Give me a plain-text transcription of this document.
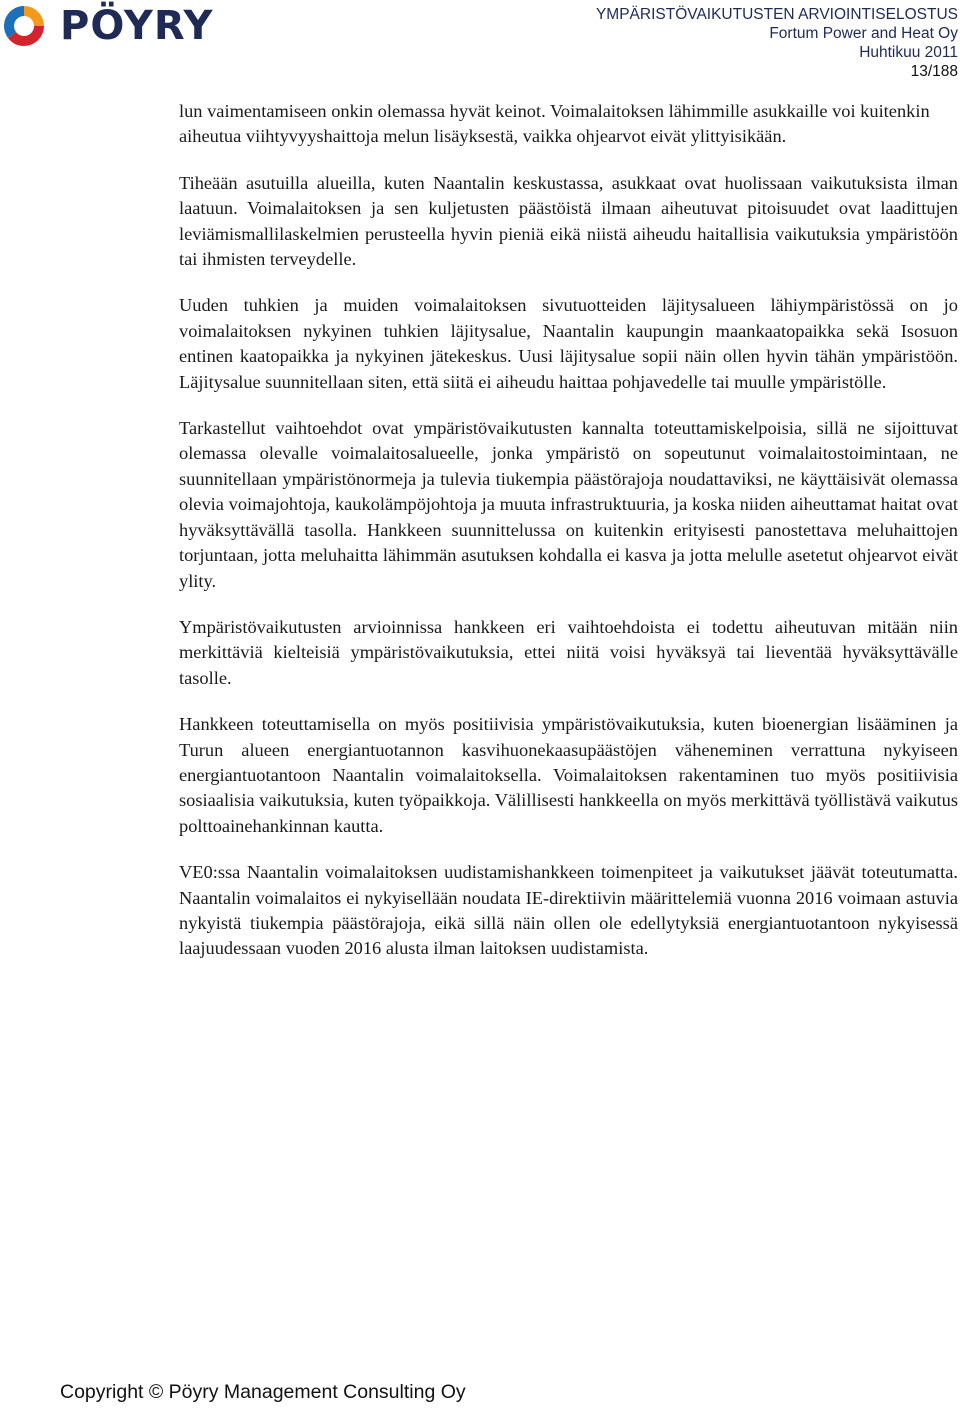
PÖYRY	YMPÄRISTÖVAIKUTUSTEN ARVIOINTISELOSTUS
Fortum Power and Heat Oy
Huhtikuu 2011
13/188

lun vaimentamiseen onkin olemassa hyvät keinot. Voimalaitoksen lähimmille asukkaille voi kuitenkin aiheutua viihtyvyyshaittoja melun lisäyksestä, vaikka ohjearvot eivät ylittyisikään.

Tiheään asutuilla alueilla, kuten Naantalin keskustassa, asukkaat ovat huolissaan vaikutuksista ilman laatuun. Voimalaitoksen ja sen kuljetusten päästöistä ilmaan aiheutuvat pitoisuudet ovat laadittujen leviämismallilaskelmien perusteella hyvin pieniä eikä niistä aiheudu haitallisia vaikutuksia ympäristöön tai ihmisten terveydelle.

Uuden tuhkien ja muiden voimalaitoksen sivutuotteiden läjitysalueen lähiympäristössä on jo voimalaitoksen nykyinen tuhkien läjitysalue, Naantalin kaupungin maankaatopaikka sekä Isosuon entinen kaatopaikka ja nykyinen jätekeskus. Uusi läjitysalue sopii näin ollen hyvin tähän ympäristöön. Läjitysalue suunnitellaan siten, että siitä ei aiheudu haittaa pohjavedelle tai muulle ympäristölle.

Tarkastellut vaihtoehdot ovat ympäristövaikutusten kannalta toteuttamiskelpoisia, sillä ne sijoittuvat olemassa olevalle voimalaitosalueelle, jonka ympäristö on sopeutunut voimalaitostoimintaan, ne suunnitellaan ympäristönormeja ja tulevia tiukempia päästörajoja noudattaviksi, ne käyttäisivät olemassa olevia voimajohtoja, kaukolämpöjohtoja ja muuta infrastruktuuria, ja koska niiden aiheuttamat haitat ovat hyväksyttävällä tasolla. Hankkeen suunnittelussa on kuitenkin erityisesti panostettava meluhaittojen torjuntaan, jotta meluhaitta lähimmän asutuksen kohdalla ei kasva ja jotta melulle asetetut ohjearvot eivät ylity.

Ympäristövaikutusten arvioinnissa hankkeen eri vaihtoehdoista ei todettu aiheutuvan mitään niin merkittäviä kielteisiä ympäristövaikutuksia, ettei niitä voisi hyväksyä tai lieventää hyväksyttävälle tasolle.

Hankkeen toteuttamisella on myös positiivisia ympäristövaikutuksia, kuten bioenergian lisääminen ja Turun alueen energiantuotannon kasvihuonekaasupäästöjen väheneminen verrattuna nykyiseen energiantuotantoon Naantalin voimalaitoksella. Voimalaitoksen rakentaminen tuo myös positiivisia sosiaalisia vaikutuksia, kuten työpaikkoja. Välillisesti hankkeella on myös merkittävä työllistävä vaikutus polttoainehankinnan kautta.

VE0:ssa Naantalin voimalaitoksen uudistamishankkeen toimenpiteet ja vaikutukset jäävät toteutumatta. Naantalin voimalaitos ei nykyisellään noudata IE-direktiivin määrittelemiä vuonna 2016 voimaan astuvia nykyistä tiukempia päästörajoja, eikä sillä näin ollen ole edellytyksiä energiantuotantoon nykyisessä laajuudessaan vuoden 2016 alusta ilman laitoksen uudistamista.

Copyright © Pöyry Management Consulting Oy
